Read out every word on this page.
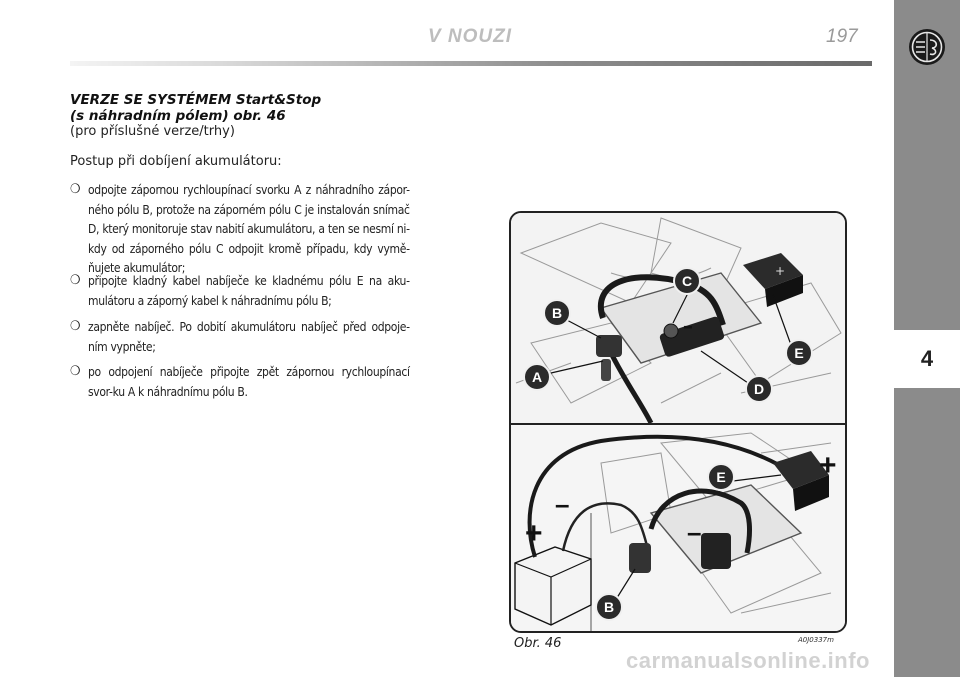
V NOUZI	197
4
VERZE SE SYSTÉMEM Start&Stop
(s náhradním pólem) obr. 46
(pro příslušné verze/trhy)
Postup při dobíjení akumulátoru:
❍ odpojte zápornou rychloupínací svorku A z náhradního zápor-ného pólu B, protože na záporném pólu C je instalován snímač D, který monitoruje stav nabití akumulátoru, a ten se nesmí ni-kdy od záporného pólu C odpojit kromě případu, kdy vymě-ňujete akumulátor;
❍ připojte kladný kabel nabíječe ke kladnému pólu E na aku-mulátoru a záporný kabel k náhradnímu pólu B;
❍ zapněte nabíječ. Po dobití akumulátoru nabíječ před odpoje-ním vypněte;
❍ po odpojení nabíječe připojte zpět zápornou rychloupínací svor-ku A k náhradnímu pólu B.
+
–
A
B
C
D
E
–
+	–
+
E
B
Obr. 46	A0J0337m
carmanualsonline.info
